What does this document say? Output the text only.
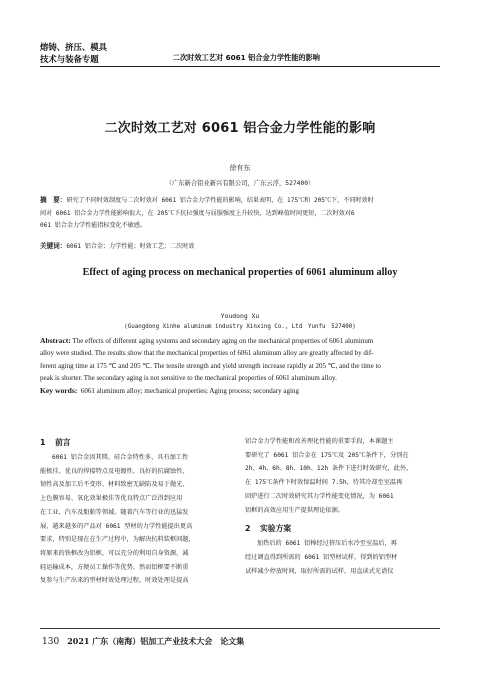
熔铸、挤压、模具
技术与装备专题	二次时效工艺对 6061 铝合金力学性能的影响
二次时效工艺对 6061 铝合金力学性能的影响
徐有东
（广东新合铝业新兴有限公司，广东云浮，527400）
摘　要：研究了不同时效制度与二次时效对 6061 铝合金力学性能的影响，结果表明，在 175℃和 205℃下，不同时效时
间对 6061 铝合金力学性能影响很大，在 205℃下抗拉强度与屈服强度上升较快，达到峰值时间更短，二次时效对6
061 铝合金力学性能指标变化不敏感。
关键词：6061 铝合金；力学性能；时效工艺；二次时效
Effect of aging process on mechanical properties of 6061 aluminum alloy
Youdong Xu
(Guangdong Xinhe aluminum industry Xinxing Co., Ltd　Yunfu　527400)
Abstract: The effects of different aging systems and secondary aging on the mechanical properties of 6061 aluminum
alloy were studied. The results show that the mechanical properties of 6061 aluminum alloy are greatly affected by dif-
ferent aging time at 175 ℃ and 205 ℃. The tensile strength and yield strength increase rapidly at 205 ℃, and the time to
peak is shorter. The secondary aging is not sensitive to the mechanical properties of 6061 aluminum alloy.
Key words: 6061 aluminum alloy; mechanical properties; Aging process; secondary aging
1 前言
6061 铝合金因其镁、硅合金特性多，具有加工性
能极佳、优良的焊接特点及电镀性、良好的抗腐蚀性、
韧性高及加工后不变形、材料致密无缺陷及易于抛光、
上色膜容易、氧化效果极佳等优良特点广泛得到应用
在工业、汽车及船舶等领域。随着汽车等行业的迅猛发
展，越来越多的产品对 6061 型材的力学性能提出更高
要求，特别是现在在生产过程中，为解决抗料装框问题，
将原来的铁框改为铝框，可以充分的利用自身资源，减
轻运输成本，方便员工操作等优势。然而铝框要不断重
复参与生产出来的型材时效处理过程，时效处理是提高
铝合金力学性能和改善理化性能的重要手段，本课题主
要研究了 6061 铝合金在 175℃及 205℃条件下，分别在
2h、4h、6h、8h、10h、12h 条件下进行时效研究，此外，
在 175℃条件下时效保温时间 7.5h，待其冷却至室温再
回炉进行二次时效研究其力学性能变化情况，为 6061
铝框的高效应用生产提供理论依据。
2 实验方案
加热后的 6061 铝棒经过挤压后水冷至室温后，再
经过调直得到所需的 6061 铝型材试样，得到的铝型材
试样减少停放时间，取好所需的试样，用直读式光谱仪
130 2021 广东（南海）铝加工产业技术大会　论文集
